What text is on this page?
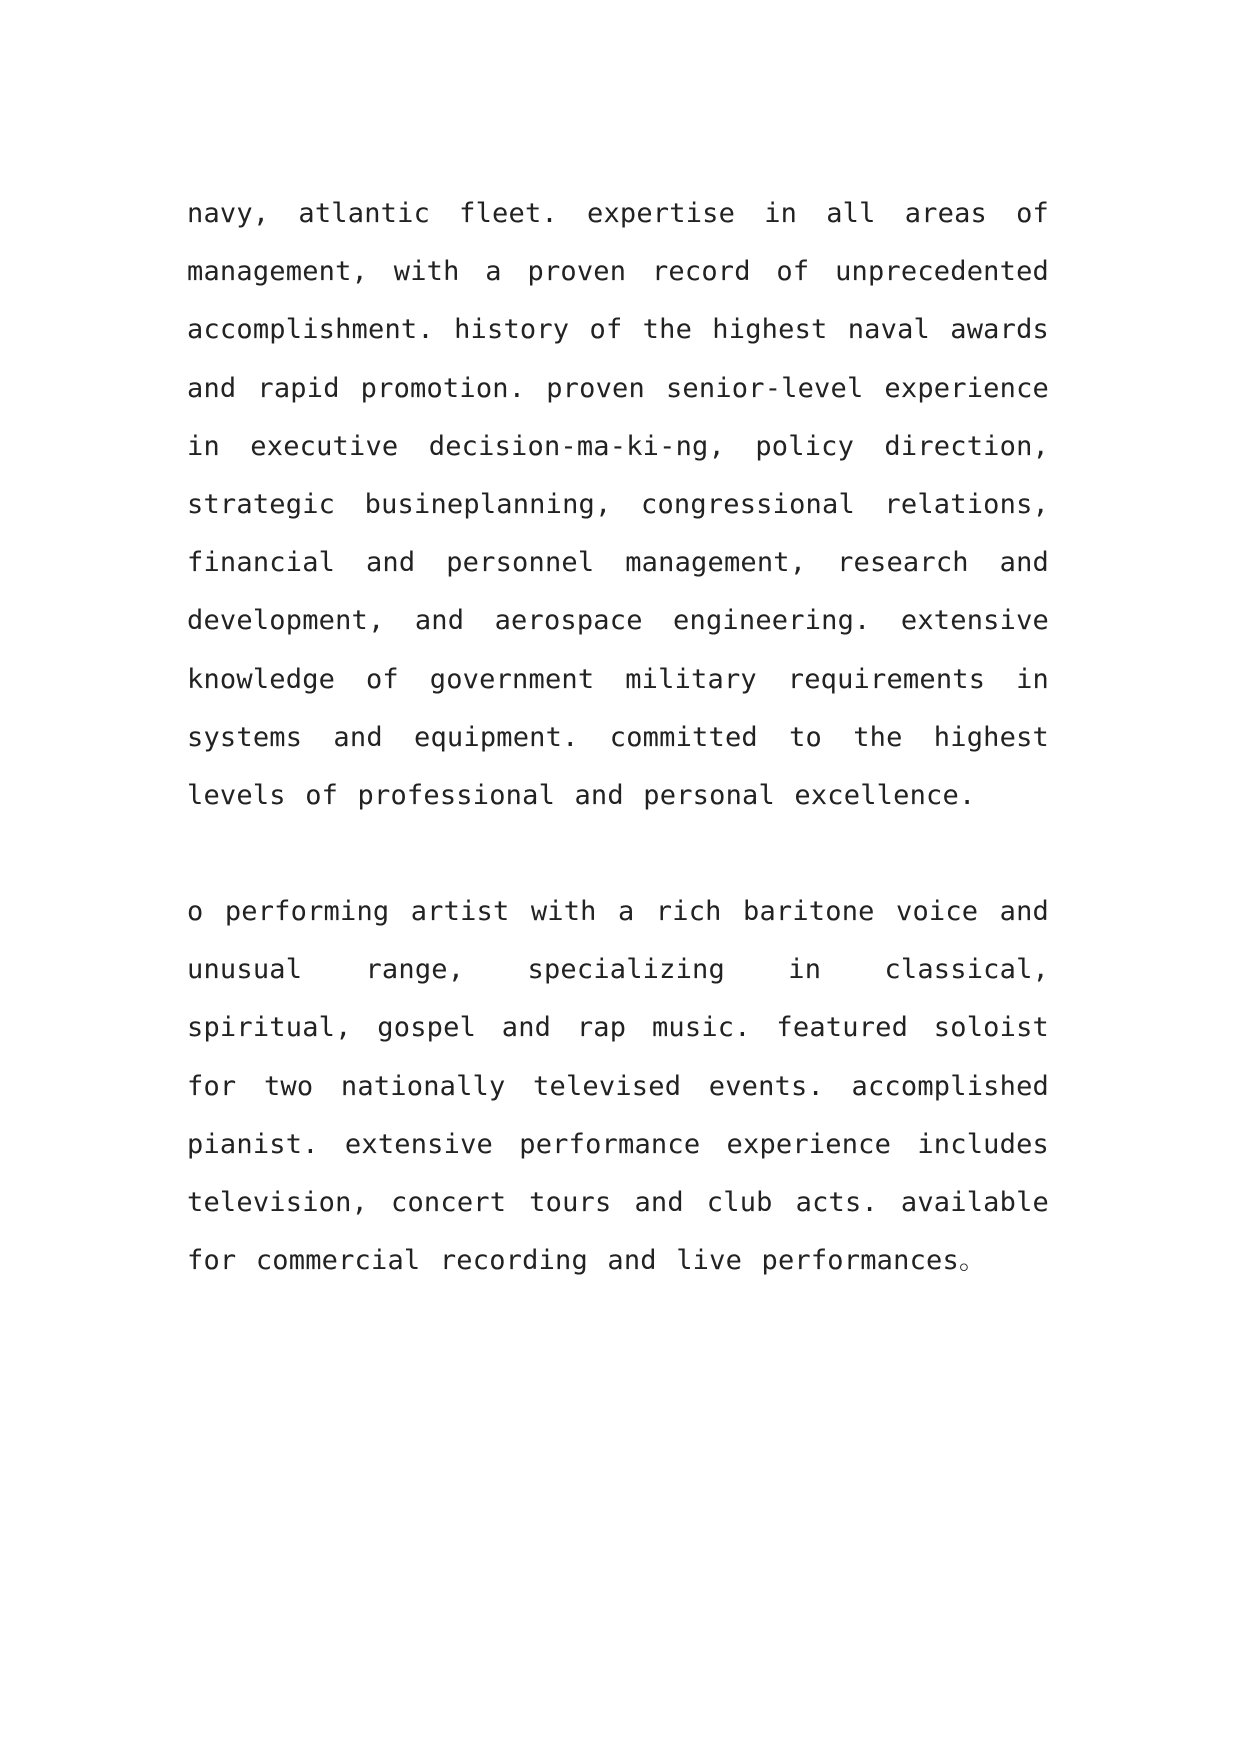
navy, atlantic fleet. expertise in all areas of management, with a proven record of unprecedented accomplishment. history of the highest naval awards and rapid promotion. proven senior-level experience in executive decision-ma-ki-ng, policy direction, strategic busineplanning, congressional relations, financial and personnel management, research and development, and aerospace engineering. extensive knowledge of government military requirements in systems and equipment. committed to the highest levels of professional and personal excellence.

o performing artist with a rich baritone voice and unusual range, specializing in classical, spiritual, gospel and rap music. featured soloist for two nationally televised events. accomplished pianist. extensive performance experience includes television, concert tours and club acts. available for commercial recording and live performances。
